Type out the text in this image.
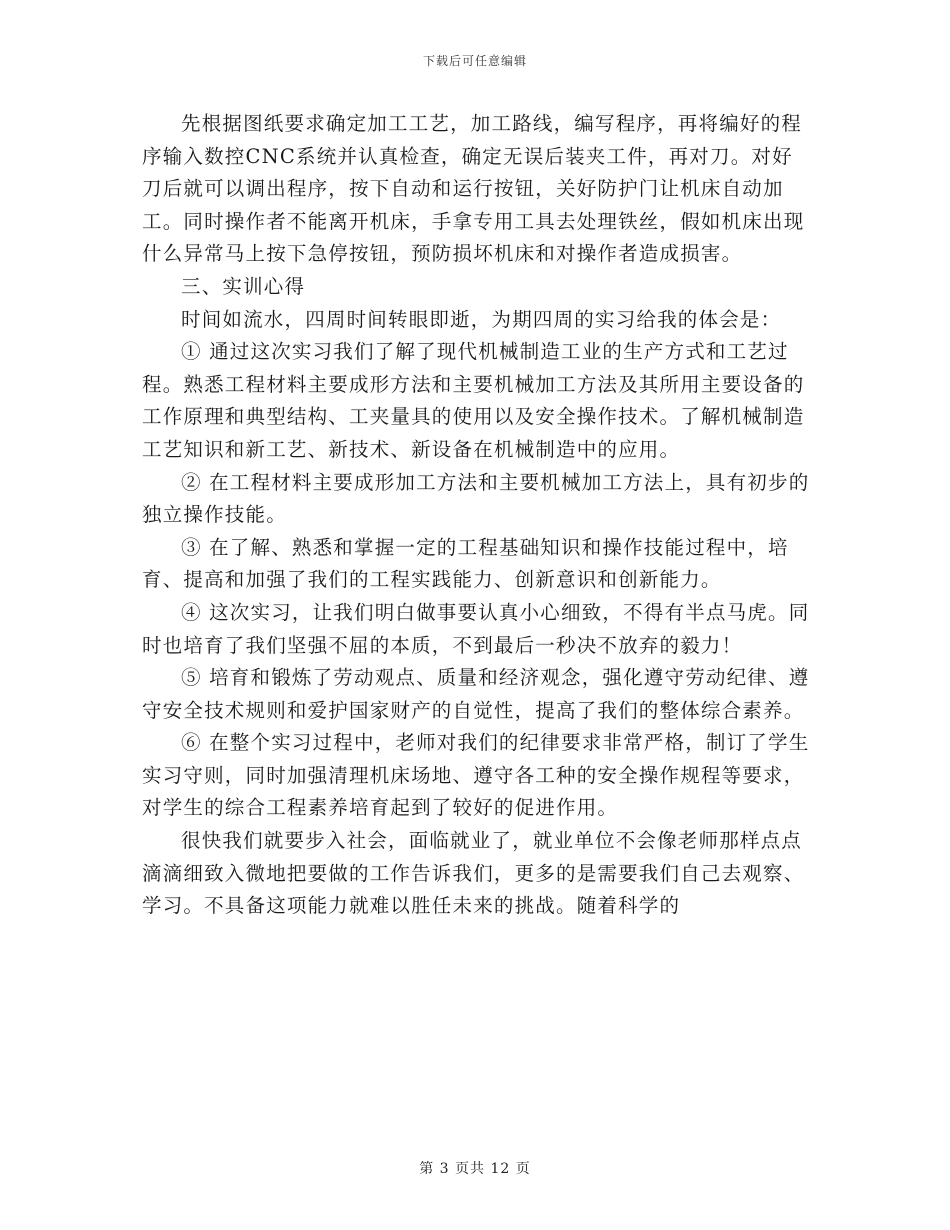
下载后可任意编辑

先根据图纸要求确定加工工艺，加工路线，编写程序，再将编好的程序输入数控CNC系统并认真检查，确定无误后装夹工件，再对刀。对好刀后就可以调出程序，按下自动和运行按钮，关好防护门让机床自动加工。同时操作者不能离开机床，手拿专用工具去处理铁丝，假如机床出现什么异常马上按下急停按钮，预防损坏机床和对操作者造成损害。

三、实训心得

时间如流水，四周时间转眼即逝，为期四周的实习给我的体会是：

① 通过这次实习我们了解了现代机械制造工业的生产方式和工艺过程。熟悉工程材料主要成形方法和主要机械加工方法及其所用主要设备的工作原理和典型结构、工夹量具的使用以及安全操作技术。了解机械制造工艺知识和新工艺、新技术、新设备在机械制造中的应用。

② 在工程材料主要成形加工方法和主要机械加工方法上，具有初步的独立操作技能。

③ 在了解、熟悉和掌握一定的工程基础知识和操作技能过程中，培育、提高和加强了我们的工程实践能力、创新意识和创新能力。

④ 这次实习，让我们明白做事要认真小心细致，不得有半点马虎。同时也培育了我们坚强不屈的本质，不到最后一秒决不放弃的毅力！

⑤ 培育和锻炼了劳动观点、质量和经济观念，强化遵守劳动纪律、遵守安全技术规则和爱护国家财产的自觉性，提高了我们的整体综合素养。

⑥ 在整个实习过程中，老师对我们的纪律要求非常严格，制订了学生实习守则，同时加强清理机床场地、遵守各工种的安全操作规程等要求，对学生的综合工程素养培育起到了较好的促进作用。

很快我们就要步入社会，面临就业了，就业单位不会像老师那样点点滴滴细致入微地把要做的工作告诉我们，更多的是需要我们自己去观察、学习。不具备这项能力就难以胜任未来的挑战。随着科学的

第 3 页共 12 页
